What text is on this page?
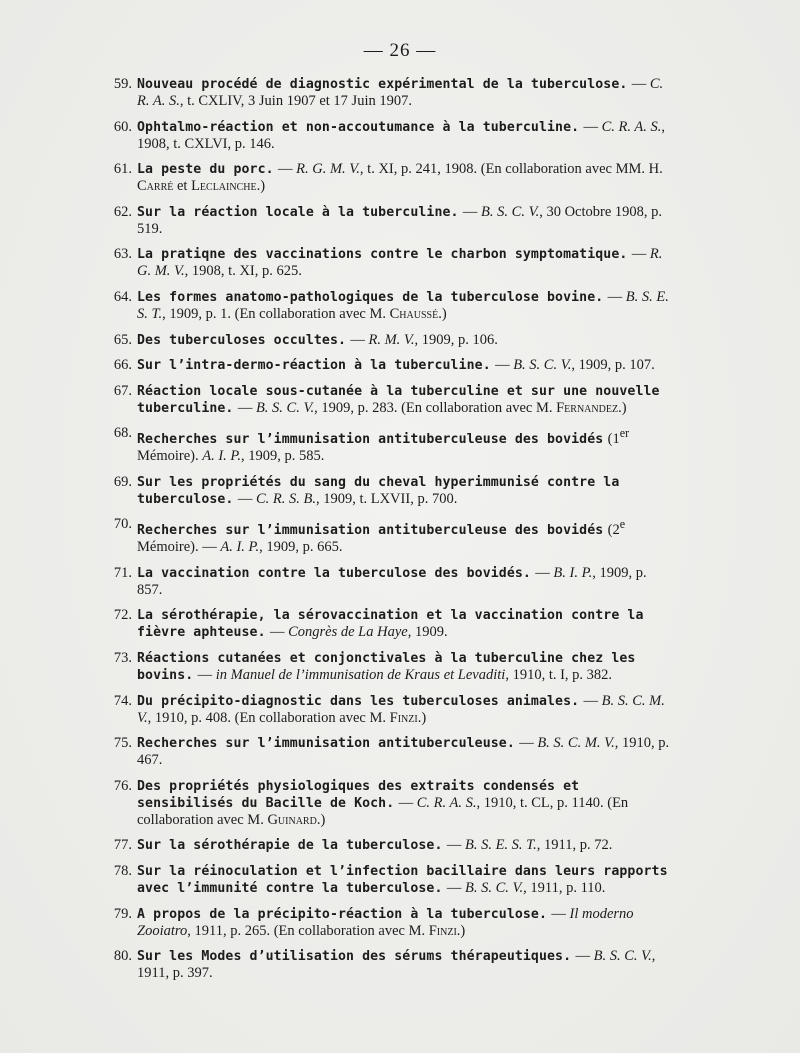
— 26 —
59. Nouveau procédé de diagnostic expérimental de la tuberculose. — C. R. A. S., t. CXLIV, 3 Juin 1907 et 17 Juin 1907.
60. Ophtalmo-réaction et non-accoutumance à la tuberculine. — C. R. A. S., 1908, t. CXLVI, p. 146.
61. La peste du porc. — R. G. M. V., t. XI, p. 241, 1908. (En collaboration avec MM. H. Carré et Leclainche.)
62. Sur la réaction locale à la tuberculine. — B. S. C. V., 30 Octobre 1908, p. 519.
63. La pratiqne des vaccinations contre le charbon symptomatique. — R. G. M. V., 1908, t. XI, p. 625.
64. Les formes anatomo-pathologiques de la tuberculose bovine. — B. S. E. S. T., 1909, p. 1. (En collaboration avec M. Chaussé.)
65. Des tuberculoses occultes. — R. M. V., 1909, p. 106.
66. Sur l’intra-dermo-réaction à la tuberculine. — B. S. C. V., 1909, p. 107.
67. Réaction locale sous-cutanée à la tuberculine et sur une nouvelle tuberculine. — B. S. C. V., 1909, p. 283. (En collaboration avec M. Fernandez.)
68. Recherches sur l’immunisation antituberculeuse des bovidés (1er Mémoire). A. I. P., 1909, p. 585.
69. Sur les propriétés du sang du cheval hyperimmunisé contre la tuberculose. — C. R. S. B., 1909, t. LXVII, p. 700.
70. Recherches sur l’immunisation antituberculeuse des bovidés (2e Mémoire). — A. I. P., 1909, p. 665.
71. La vaccination contre la tuberculose des bovidés. — B. I. P., 1909, p. 857.
72. La sérothérapie, la sérovaccination et la vaccination contre la fièvre aphteuse. — Congrès de La Haye, 1909.
73. Réactions cutanées et conjonctivales à la tuberculine chez les bovins. — in Manuel de l’immunisation de Kraus et Levaditi, 1910, t. I, p. 382.
74. Du précipito-diagnostic dans les tuberculoses animales. — B. S. C. M. V., 1910, p. 408. (En collaboration avec M. Finzi.)
75. Recherches sur l’immunisation antituberculeuse. — B. S. C. M. V., 1910, p. 467.
76. Des propriétés physiologiques des extraits condensés et sensibilisés du Bacille de Koch. — C. R. A. S., 1910, t. CL, p. 1140. (En collaboration avec M. Guinard.)
77. Sur la sérothérapie de la tuberculose. — B. S. E. S. T., 1911, p. 72.
78. Sur la réinoculation et l’infection bacillaire dans leurs rapports avec l’immunité contre la tuberculose. — B. S. C. V., 1911, p. 110.
79. A propos de la précipito-réaction à la tuberculose. — Il moderno Zooiatro, 1911, p. 265. (En collaboration avec M. Finzi.)
80. Sur les Modes d’utilisation des sérums thérapeutiques. — B. S. C. V., 1911, p. 397.
